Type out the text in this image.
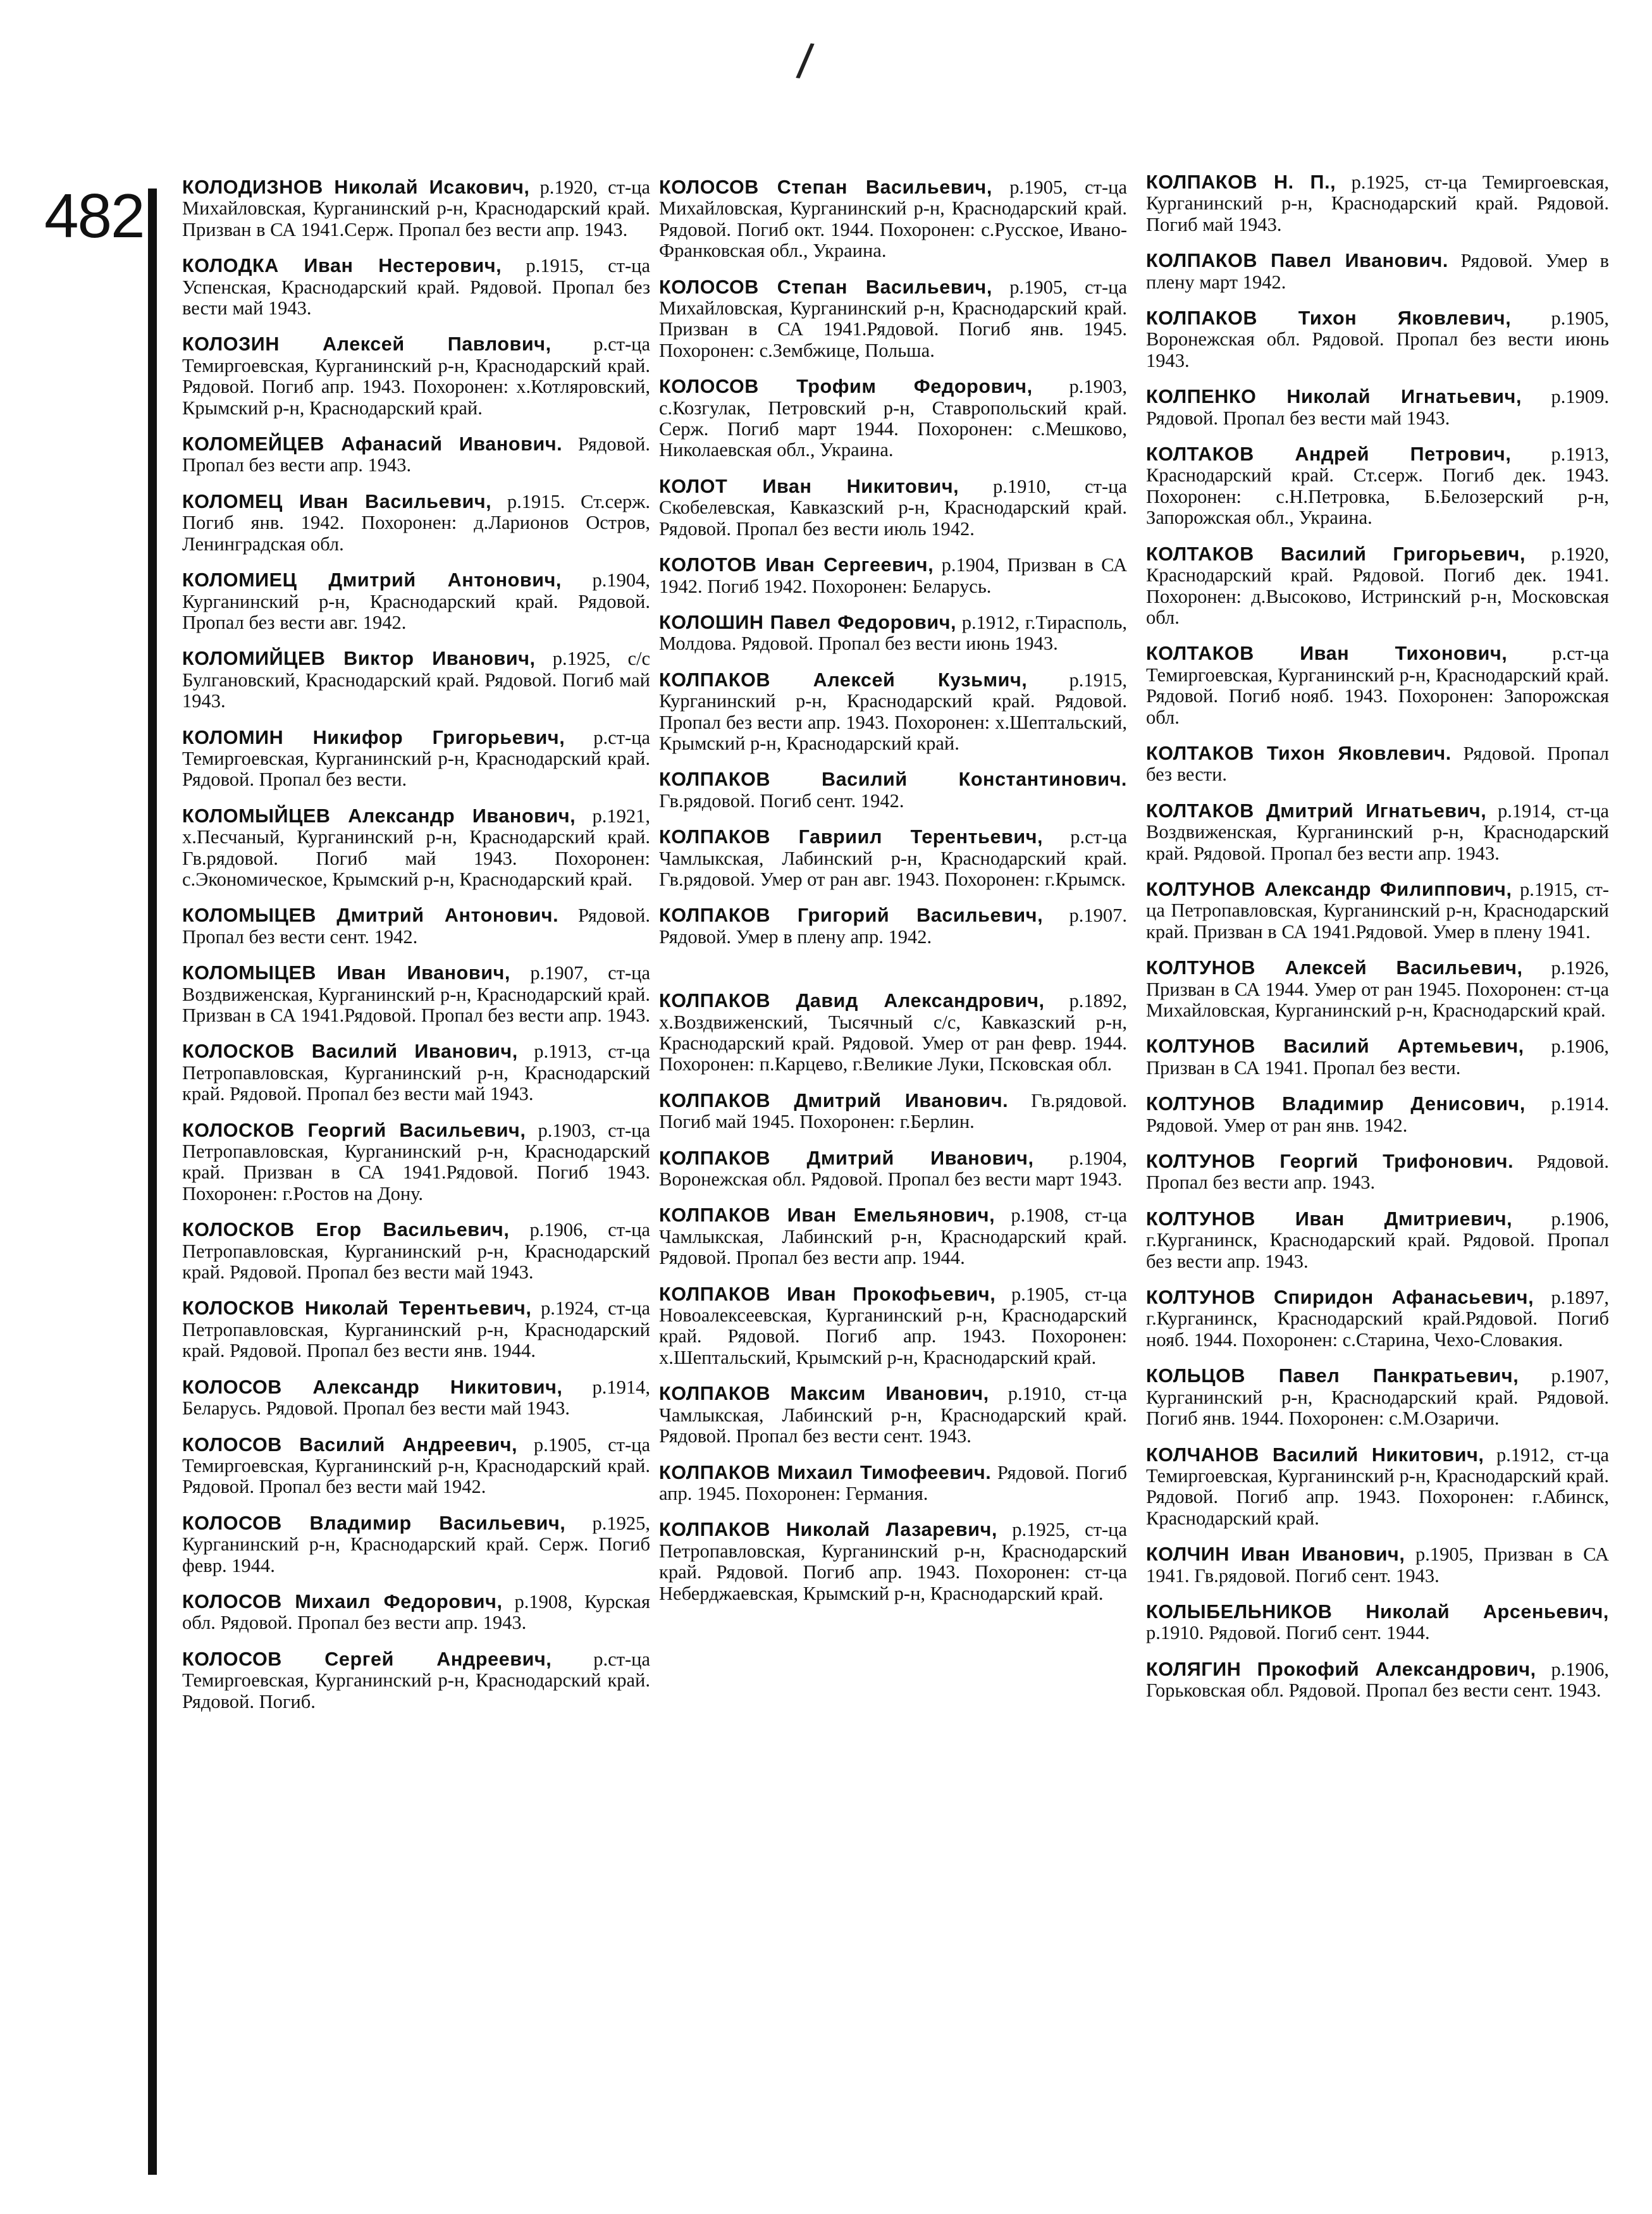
/
482 КОЛОДИЗНОВ Николай Исакович, р.1920, ст-ца Михайловская, Курганинский р-н, Краснодарский край. Призван в СА 1941.Серж. Пропал без вести апр. 1943.
КОЛОДКА Иван Нестерович, р.1915, ст-ца Успенская, Краснодарский край. Рядовой. Пропал без вести май 1943.
КОЛОЗИН Алексей Павлович, р.ст-ца Темиргоевская, Курганинский р-н, Краснодарский край. Рядовой. Погиб апр. 1943. Похоронен: х.Котляровский, Крымский р-н, Краснодарский край.
КОЛОМЕЙЦЕВ Афанасий Иванович. Рядовой. Пропал без вести апр. 1943.
КОЛОМЕЦ Иван Васильевич, р.1915. Ст.серж. Погиб янв. 1942. Похоронен: д.Ларионов Остров, Ленинградская обл.
КОЛОМИЕЦ Дмитрий Антонович, р.1904, Курганинский р-н, Краснодарский край. Рядовой. Пропал без вести авг. 1942.
КОЛОМИЙЦЕВ Виктор Иванович, р.1925, с/с Булгановский, Краснодарский край. Рядовой. Погиб май 1943.
КОЛОМИН Никифор Григорьевич, р.ст-ца Темиргоевская, Курганинский р-н, Краснодарский край. Рядовой. Пропал без вести.
КОЛОМЫЙЦЕВ Александр Иванович, р.1921, х.Песчаный, Курганинский р-н, Краснодарский край. Гв.рядовой. Погиб май 1943. Похоронен: с.Экономическое, Крымский р-н, Краснодарский край.
КОЛОМЫЦЕВ Дмитрий Антонович. Рядовой. Пропал без вести сент. 1942.
КОЛОМЫЦЕВ Иван Иванович, р.1907, ст-ца Воздвиженская, Курганинский р-н, Краснодарский край. Призван в СА 1941.Рядовой. Пропал без вести апр. 1943.
КОЛОСКОВ Василий Иванович, р.1913, ст-ца Петропавловская, Курганинский р-н, Краснодарский край. Рядовой. Пропал без вести май 1943.
КОЛОСКОВ Георгий Васильевич, р.1903, ст-ца Петропавловская, Курганинский р-н, Краснодарский край. Призван в СА 1941.Рядовой. Погиб 1943. Похоронен: г.Ростов на Дону.
КОЛОСКОВ Егор Васильевич, р.1906, ст-ца Петропавловская, Курганинский р-н, Краснодарский край. Рядовой. Пропал без вести май 1943.
КОЛОСКОВ Николай Терентьевич, р.1924, ст-ца Петропавловская, Курганинский р-н, Краснодарский край. Рядовой. Пропал без вести янв. 1944.
КОЛОСОВ Александр Никитович, р.1914, Беларусь. Рядовой. Пропал без вести май 1943.
КОЛОСОВ Василий Андреевич, р.1905, ст-ца Темиргоевская, Курганинский р-н, Краснодарский край. Рядовой. Пропал без вести май 1942.
КОЛОСОВ Владимир Васильевич, р.1925, Курганинский р-н, Краснодарский край. Серж. Погиб февр. 1944.
КОЛОСОВ Михаил Федорович, р.1908, Курская обл. Рядовой. Пропал без вести апр. 1943.
КОЛОСОВ Сергей Андреевич, р.ст-ца Темиргоевская, Курганинский р-н, Краснодарский край. Рядовой. Погиб.
КОЛОСОВ Степан Васильевич, р.1905, ст-ца Михайловская, Курганинский р-н, Краснодарский край. Рядовой. Погиб окт. 1944. Похоронен: с.Русское, Ивано-Франковская обл., Украина.
КОЛОСОВ Степан Васильевич, р.1905, ст-ца Михайловская, Курганинский р-н, Краснодарский край. Призван в СА 1941.Рядовой. Погиб янв. 1945. Похоронен: с.Зембжице, Польша.
КОЛОСОВ Трофим Федорович, р.1903, с.Козгулак, Петровский р-н, Ставропольский край. Серж. Погиб март 1944. Похоронен: с.Мешково, Николаевская обл., Украина.
КОЛОТ Иван Никитович, р.1910, ст-ца Скобелевская, Кавказский р-н, Краснодарский край. Рядовой. Пропал без вести июль 1942.
КОЛОТОВ Иван Сергеевич, р.1904, Призван в СА 1942. Погиб 1942. Похоронен: Беларусь.
КОЛОШИН Павел Федорович, р.1912, г.Тирасполь, Молдова. Рядовой. Пропал без вести июнь 1943.
КОЛПАКОВ Алексей Кузьмич, р.1915, Курганинский р-н, Краснодарский край. Рядовой. Пропал без вести апр. 1943. Похоронен: х.Шептальский, Крымский р-н, Краснодарский край.
КОЛПАКОВ Василий Константинович. Гв.рядовой. Погиб сент. 1942.
КОЛПАКОВ Гавриил Терентьевич, р.ст-ца Чамлыкская, Лабинский р-н, Краснодарский край. Гв.рядовой. Умер от ран авг. 1943. Похоронен: г.Крымск.
КОЛПАКОВ Григорий Васильевич, р.1907. Рядовой. Умер в плену апр. 1942.
КОЛПАКОВ Давид Александрович, р.1892, х.Воздвиженский, Тысячный с/с, Кавказский р-н, Краснодарский край. Рядовой. Умер от ран февр. 1944. Похоронен: п.Карцево, г.Великие Луки, Псковская обл.
КОЛПАКОВ Дмитрий Иванович. Гв.рядовой. Погиб май 1945. Похоронен: г.Берлин.
КОЛПАКОВ Дмитрий Иванович, р.1904, Воронежская обл. Рядовой. Пропал без вести март 1943.
КОЛПАКОВ Иван Емельянович, р.1908, ст-ца Чамлыкская, Лабинский р-н, Краснодарский край. Рядовой. Пропал без вести апр. 1944.
КОЛПАКОВ Иван Прокофьевич, р.1905, ст-ца Новоалексеевская, Курганинский р-н, Краснодарский край. Рядовой. Погиб апр. 1943. Похоронен: х.Шептальский, Крымский р-н, Краснодарский край.
КОЛПАКОВ Максим Иванович, р.1910, ст-ца Чамлыкская, Лабинский р-н, Краснодарский край. Рядовой. Пропал без вести сент. 1943.
КОЛПАКОВ Михаил Тимофеевич. Рядовой. Погиб апр. 1945. Похоронен: Германия.
КОЛПАКОВ Николай Лазаревич, р.1925, ст-ца Петропавловская, Курганинский р-н, Краснодарский край. Рядовой. Погиб апр. 1943. Похоронен: ст-ца Неберджаевская, Крымский р-н, Краснодарский край.
КОЛПАКОВ Н. П., р.1925, ст-ца Темиргоевская, Курганинский р-н, Краснодарский край. Рядовой. Погиб май 1943.
КОЛПАКОВ Павел Иванович. Рядовой. Умер в плену март 1942.
КОЛПАКОВ Тихон Яковлевич, р.1905, Воронежская обл. Рядовой. Пропал без вести июнь 1943.
КОЛПЕНКО Николай Игнатьевич, р.1909. Рядовой. Пропал без вести май 1943.
КОЛТАКОВ Андрей Петрович, р.1913, Краснодарский край. Ст.серж. Погиб дек. 1943. Похоронен: с.Н.Петровка, Б.Белозерский р-н, Запорожская обл., Украина.
КОЛТАКОВ Василий Григорьевич, р.1920, Краснодарский край. Рядовой. Погиб дек. 1941. Похоронен: д.Высоково, Истринский р-н, Московская обл.
КОЛТАКОВ Иван Тихонович, р.ст-ца Темиргоевская, Курганинский р-н, Краснодарский край. Рядовой. Погиб нояб. 1943. Похоронен: Запорожская обл.
КОЛТАКОВ Тихон Яковлевич. Рядовой. Пропал без вести.
КОЛТАКОВ Дмитрий Игнатьевич, р.1914, ст-ца Воздвиженская, Курганинский р-н, Краснодарский край. Рядовой. Пропал без вести апр. 1943.
КОЛТУНОВ Александр Филиппович, р.1915, ст-ца Петропавловская, Курганинский р-н, Краснодарский край. Призван в СА 1941.Рядовой. Умер в плену 1941.
КОЛТУНОВ Алексей Васильевич, р.1926, Призван в СА 1944. Умер от ран 1945. Похоронен: ст-ца Михайловская, Курганинский р-н, Краснодарский край.
КОЛТУНОВ Василий Артемьевич, р.1906, Призван в СА 1941. Пропал без вести.
КОЛТУНОВ Владимир Денисович, р.1914. Рядовой. Умер от ран янв. 1942.
КОЛТУНОВ Георгий Трифонович. Рядовой. Пропал без вести апр. 1943.
КОЛТУНОВ Иван Дмитриевич, р.1906, г.Курганинск, Краснодарский край. Рядовой. Пропал без вести апр. 1943.
КОЛТУНОВ Спиридон Афанасьевич, р.1897, г.Курганинск, Краснодарский край.Рядовой. Погиб нояб. 1944. Похоронен: с.Старина, Чехо-Словакия.
КОЛЬЦОВ Павел Панкратьевич, р.1907, Курганинский р-н, Краснодарский край. Рядовой. Погиб янв. 1944. Похоронен: с.М.Озаричи.
КОЛЧАНОВ Василий Никитович, р.1912, ст-ца Темиргоевская, Курганинский р-н, Краснодарский край. Рядовой. Погиб апр. 1943. Похоронен: г.Абинск, Краснодарский край.
КОЛЧИН Иван Иванович, р.1905, Призван в СА 1941. Гв.рядовой. Погиб сент. 1943.
КОЛЫБЕЛЬНИКОВ Николай Арсеньевич, р.1910. Рядовой. Погиб сент. 1944.
КОЛЯГИН Прокофий Александрович, р.1906, Горьковская обл. Рядовой. Пропал без вести сент. 1943.
